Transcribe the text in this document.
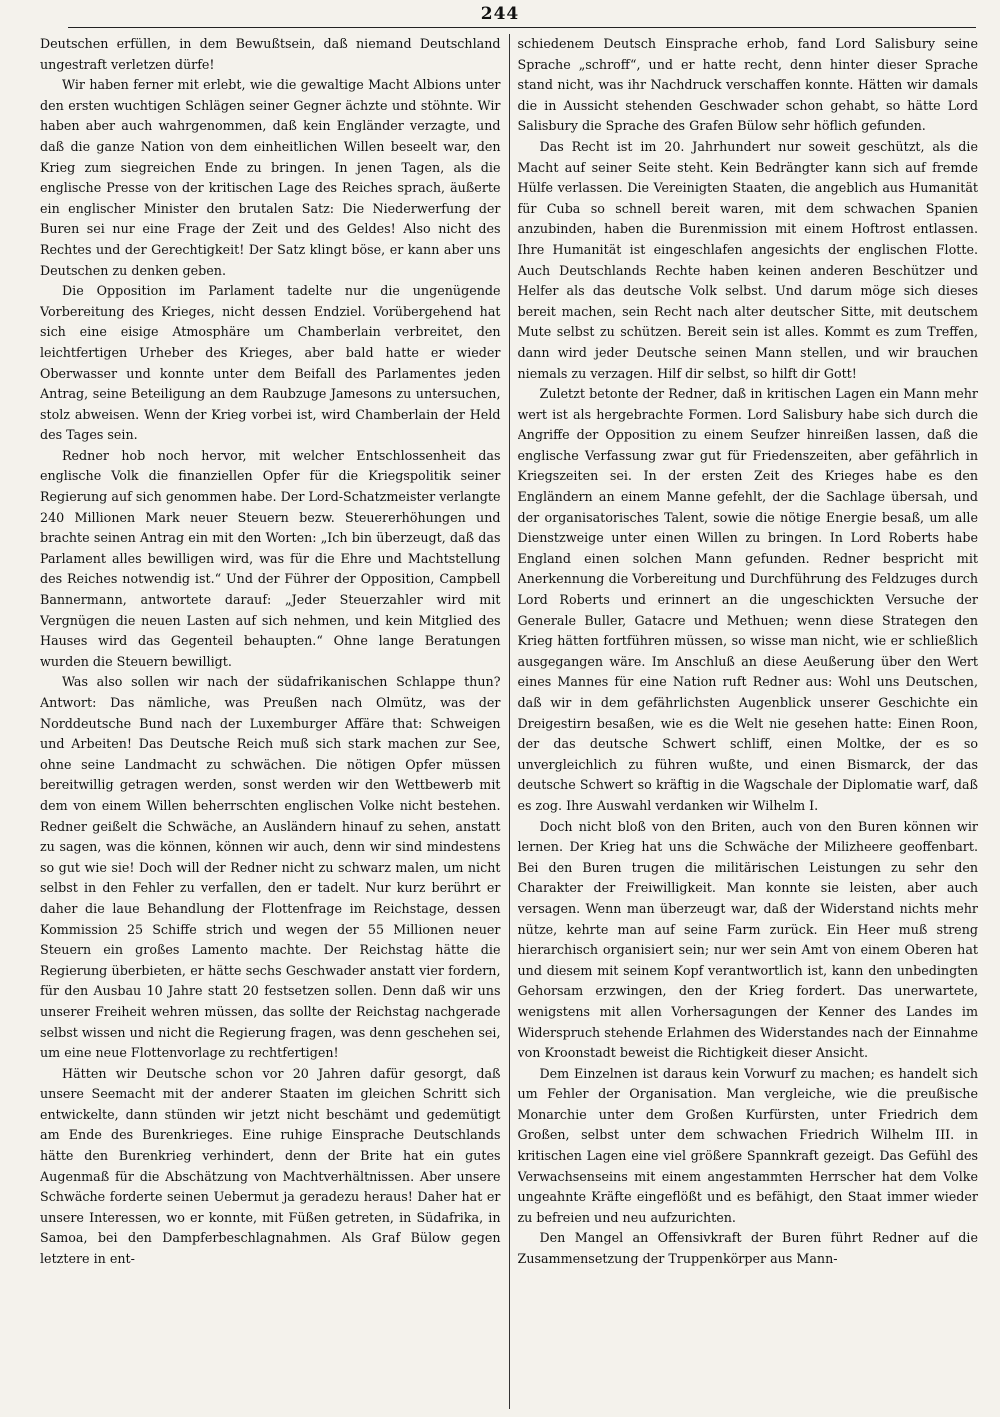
244

Deutschen erfüllen, in dem Bewußtsein, daß niemand Deutschland ungestraft verletzen dürfe!

Wir haben ferner mit erlebt, wie die gewaltige Macht Albions unter den ersten wuchtigen Schlägen seiner Gegner ächzte und stöhnte. Wir haben aber auch wahrgenommen, daß kein Engländer verzagte, und daß die ganze Nation von dem einheitlichen Willen beseelt war, den Krieg zum siegreichen Ende zu bringen. In jenen Tagen, als die englische Presse von der kritischen Lage des Reiches sprach, äußerte ein englischer Minister den brutalen Satz: Die Niederwerfung der Buren sei nur eine Frage der Zeit und des Geldes! Also nicht des Rechtes und der Gerechtigkeit! Der Satz klingt böse, er kann aber uns Deutschen zu denken geben.

Die Opposition im Parlament tadelte nur die ungenügende Vorbereitung des Krieges, nicht dessen Endziel. Vorübergehend hat sich eine eisige Atmosphäre um Chamberlain verbreitet, den leichtfertigen Urheber des Krieges, aber bald hatte er wieder Oberwasser und konnte unter dem Beifall des Parlamentes jeden Antrag, seine Beteiligung an dem Raubzuge Jamesons zu untersuchen, stolz abweisen. Wenn der Krieg vorbei ist, wird Chamberlain der Held des Tages sein.

Redner hob noch hervor, mit welcher Entschlossenheit das englische Volk die finanziellen Opfer für die Kriegspolitik seiner Regierung auf sich genommen habe. Der Lord-Schatzmeister verlangte 240 Millionen Mark neuer Steuern bezw. Steuererhöhungen und brachte seinen Antrag ein mit den Worten: „Ich bin überzeugt, daß das Parlament alles bewilligen wird, was für die Ehre und Machtstellung des Reiches notwendig ist.“ Und der Führer der Opposition, Campbell Bannermann, antwortete darauf: „Jeder Steuerzahler wird mit Vergnügen die neuen Lasten auf sich nehmen, und kein Mitglied des Hauses wird das Gegenteil behaupten.“ Ohne lange Beratungen wurden die Steuern bewilligt.

Was also sollen wir nach der südafrikanischen Schlappe thun? Antwort: Das nämliche, was Preußen nach Olmütz, was der Norddeutsche Bund nach der Luxemburger Affäre that: Schweigen und Arbeiten! Das Deutsche Reich muß sich stark machen zur See, ohne seine Landmacht zu schwächen. Die nötigen Opfer müssen bereitwillig getragen werden, sonst werden wir den Wettbewerb mit dem von einem Willen beherrschten englischen Volke nicht bestehen. Redner geißelt die Schwäche, an Ausländern hinauf zu sehen, anstatt zu sagen, was die können, können wir auch, denn wir sind mindestens so gut wie sie! Doch will der Redner nicht zu schwarz malen, um nicht selbst in den Fehler zu verfallen, den er tadelt. Nur kurz berührt er daher die laue Behandlung der Flottenfrage im Reichstage, dessen Kommission 25 Schiffe strich und wegen der 55 Millionen neuer Steuern ein großes Lamento machte. Der Reichstag hätte die Regierung überbieten, er hätte sechs Geschwader anstatt vier fordern, für den Ausbau 10 Jahre statt 20 festsetzen sollen. Denn daß wir uns unserer Freiheit wehren müssen, das sollte der Reichstag nachgerade selbst wissen und nicht die Regierung fragen, was denn geschehen sei, um eine neue Flottenvorlage zu rechtfertigen!

Hätten wir Deutsche schon vor 20 Jahren dafür gesorgt, daß unsere Seemacht mit der anderer Staaten im gleichen Schritt sich entwickelte, dann stünden wir jetzt nicht beschämt und gedemütigt am Ende des Burenkrieges. Eine ruhige Einsprache Deutschlands hätte den Burenkrieg verhindert, denn der Brite hat ein gutes Augenmaß für die Abschätzung von Machtverhältnissen. Aber unsere Schwäche forderte seinen Uebermut ja geradezu heraus! Daher hat er unsere Interessen, wo er konnte, mit Füßen getreten, in Südafrika, in Samoa, bei den Dampferbeschlagnahmen. Als Graf Bülow gegen letztere in ent-

schiedenem Deutsch Einsprache erhob, fand Lord Salisbury seine Sprache „schroff“, und er hatte recht, denn hinter dieser Sprache stand nicht, was ihr Nachdruck verschaffen konnte. Hätten wir damals die in Aussicht stehenden Geschwader schon gehabt, so hätte Lord Salisbury die Sprache des Grafen Bülow sehr höflich gefunden.

Das Recht ist im 20. Jahrhundert nur soweit geschützt, als die Macht auf seiner Seite steht. Kein Bedrängter kann sich auf fremde Hülfe verlassen. Die Vereinigten Staaten, die angeblich aus Humanität für Cuba so schnell bereit waren, mit dem schwachen Spanien anzubinden, haben die Burenmission mit einem Hoftrost entlassen. Ihre Humanität ist eingeschlafen angesichts der englischen Flotte. Auch Deutschlands Rechte haben keinen anderen Beschützer und Helfer als das deutsche Volk selbst. Und darum möge sich dieses bereit machen, sein Recht nach alter deutscher Sitte, mit deutschem Mute selbst zu schützen. Bereit sein ist alles. Kommt es zum Treffen, dann wird jeder Deutsche seinen Mann stellen, und wir brauchen niemals zu verzagen. Hilf dir selbst, so hilft dir Gott!

Zuletzt betonte der Redner, daß in kritischen Lagen ein Mann mehr wert ist als hergebrachte Formen. Lord Salisbury habe sich durch die Angriffe der Opposition zu einem Seufzer hinreißen lassen, daß die englische Verfassung zwar gut für Friedenszeiten, aber gefährlich in Kriegszeiten sei. In der ersten Zeit des Krieges habe es den Engländern an einem Manne gefehlt, der die Sachlage übersah, und der organisatorisches Talent, sowie die nötige Energie besaß, um alle Dienstzweige unter einen Willen zu bringen. In Lord Roberts habe England einen solchen Mann gefunden. Redner bespricht mit Anerkennung die Vorbereitung und Durchführung des Feldzuges durch Lord Roberts und erinnert an die ungeschickten Versuche der Generale Buller, Gatacre und Methuen; wenn diese Strategen den Krieg hätten fortführen müssen, so wisse man nicht, wie er schließlich ausgegangen wäre. Im Anschluß an diese Aeußerung über den Wert eines Mannes für eine Nation ruft Redner aus: Wohl uns Deutschen, daß wir in dem gefährlichsten Augenblick unserer Geschichte ein Dreigestirn besaßen, wie es die Welt nie gesehen hatte: Einen Roon, der das deutsche Schwert schliff, einen Moltke, der es so unvergleichlich zu führen wußte, und einen Bismarck, der das deutsche Schwert so kräftig in die Wagschale der Diplomatie warf, daß es zog. Ihre Auswahl verdanken wir Wilhelm I.

Doch nicht bloß von den Briten, auch von den Buren können wir lernen. Der Krieg hat uns die Schwäche der Milizheere geoffenbart. Bei den Buren trugen die militärischen Leistungen zu sehr den Charakter der Freiwilligkeit. Man konnte sie leisten, aber auch versagen. Wenn man überzeugt war, daß der Widerstand nichts mehr nütze, kehrte man auf seine Farm zurück. Ein Heer muß streng hierarchisch organisiert sein; nur wer sein Amt von einem Oberen hat und diesem mit seinem Kopf verantwortlich ist, kann den unbedingten Gehorsam erzwingen, den der Krieg fordert. Das unerwartete, wenigstens mit allen Vorhersagungen der Kenner des Landes im Widerspruch stehende Erlahmen des Widerstandes nach der Einnahme von Kroonstadt beweist die Richtigkeit dieser Ansicht.

Dem Einzelnen ist daraus kein Vorwurf zu machen; es handelt sich um Fehler der Organisation. Man vergleiche, wie die preußische Monarchie unter dem Großen Kurfürsten, unter Friedrich dem Großen, selbst unter dem schwachen Friedrich Wilhelm III. in kritischen Lagen eine viel größere Spannkraft gezeigt. Das Gefühl des Verwachsenseins mit einem angestammten Herrscher hat dem Volke ungeahnte Kräfte eingeflößt und es befähigt, den Staat immer wieder zu befreien und neu aufzurichten.

Den Mangel an Offensivkraft der Buren führt Redner auf die Zusammensetzung der Truppenkörper aus Mann-
